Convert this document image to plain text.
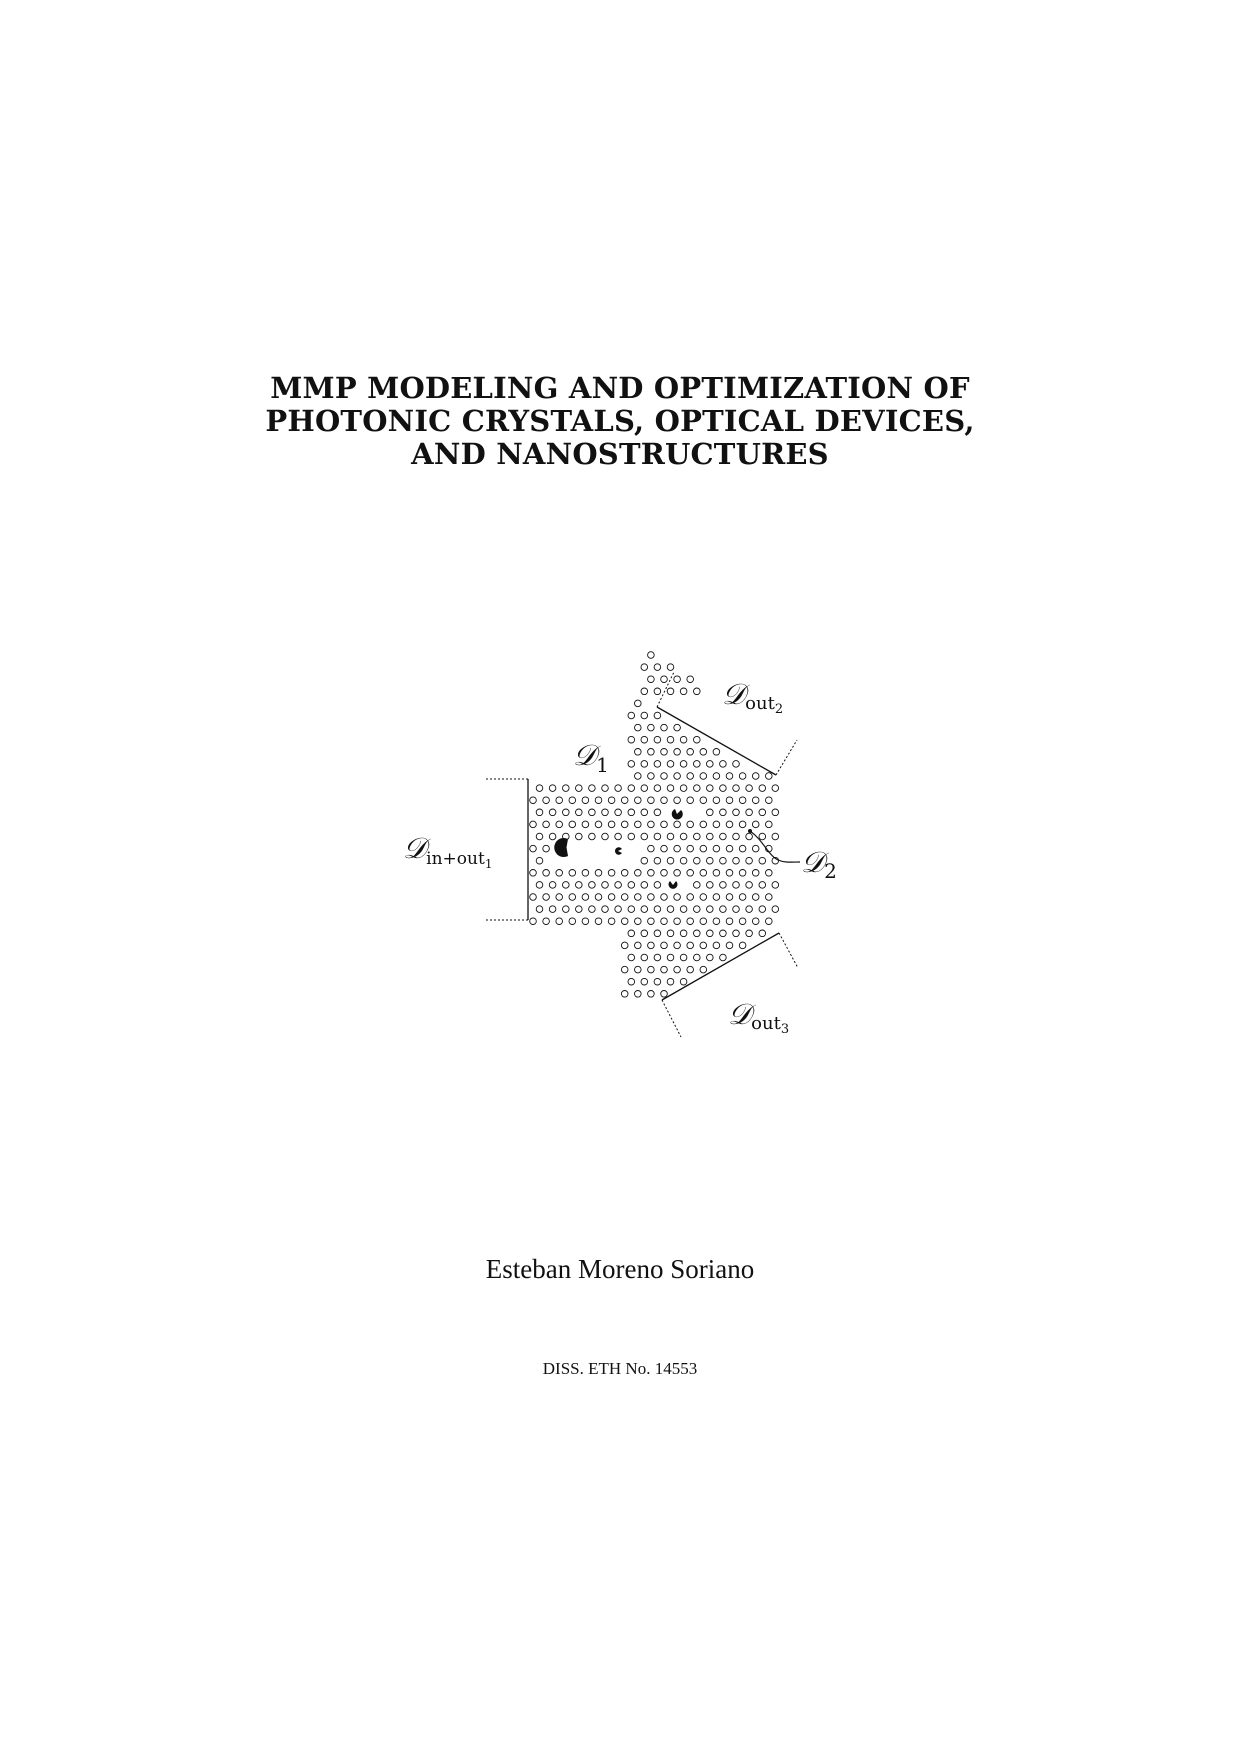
MMP MODELING AND OPTIMIZATION OF
PHOTONIC CRYSTALS, OPTICAL DEVICES,
AND NANOSTRUCTURES
𝒟out$_2$
𝒟1
𝒟in+out$_1$	𝒟2
𝒟out$_3$
Esteban Moreno Soriano
DISS. ETH No. 14553
